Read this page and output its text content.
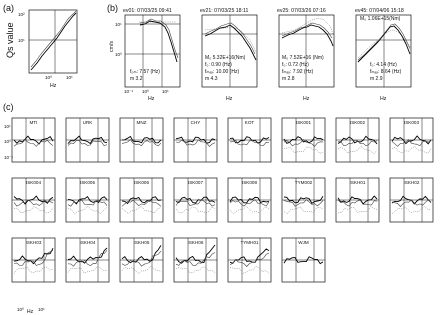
(a)	(b)
(c)
10²
10¹
10⁰	10¹
Hz
Qs value
ev01: 07/03/25 09:41	ev21: 07/03/25 18:11	ev25: 07/03/26 07:16	ev45: 07/04/06 15:18
cm/s
10¹
10⁰
10⁻¹ 10⁰	10¹
f₀ₘ: 7.57 (Hz)
m 3.2
Hz
M₀ 5.32E+16(Nm)
f₀: 0.90 (Hz)
fₘₐₓ: 10.00 (Hz)
m 4.3
Hz
M₀ 7.52E+16 (Nm)
f₀: 0.72 (Hz)
fₘₐₓ: 7.92 (Hz)
m 2.8
Hz
M₀ 1.06E+15(Nm)
f₀: 4.14 (Hz)
fₘₐₓ: 8.64 (Hz)
m 2.9
Hz
10¹
10⁰
10⁻¹
10⁰	10¹
MTI	URK	MNZ	CHY	KOT	ISK001	ISK002	ISK003
ISK004	ISK005	ISK006	ISK007	ISK008	TYM002	ISKH01	ISKH02
ISKH03	ISKH04	ISKH05	ISKH06	TYMH01	WJM
Hz
